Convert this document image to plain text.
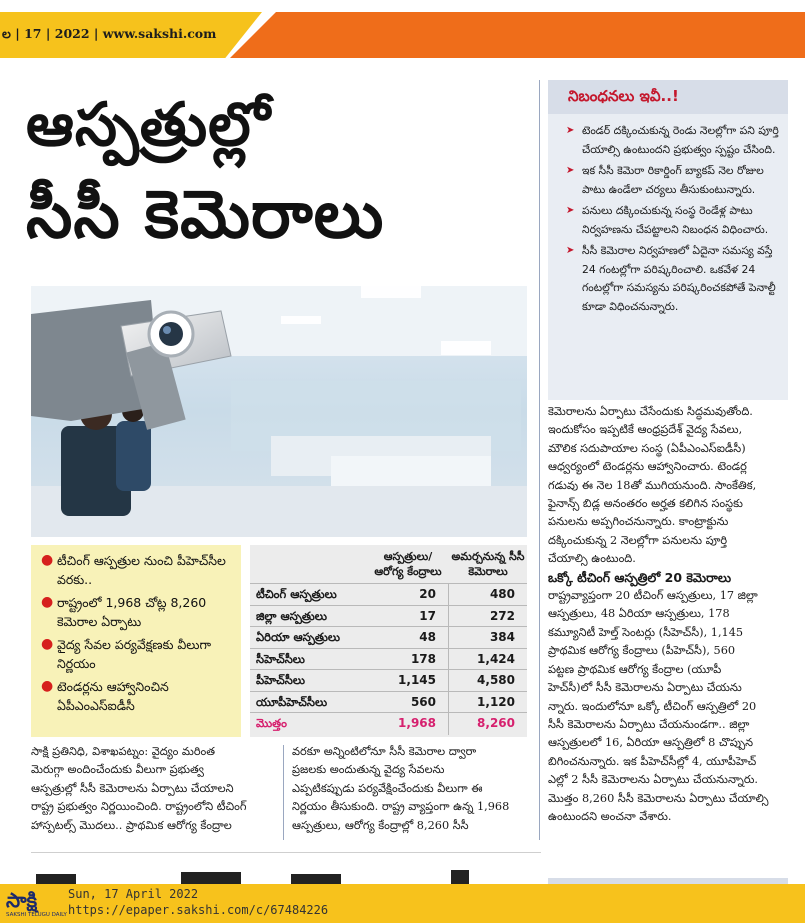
ల | 17 | 2022 | www.sakshi.com
ఆస్పత్రుల్లో
సీసీ కెమెరాలు
● టీచింగ్ ఆస్పత్రుల నుంచి పీహెచ్‌సీల వరకు..
● రాష్ట్రంలో 1,968 చోట్ల 8,260 కెమెరాల ఏర్పాటు
● వైద్య సేవల పర్యవేక్షణకు వీలుగా నిర్ణయం
● టెండర్లను ఆహ్వానించిన ఏపీఎంఎస్ఐడీసీ
ఆస్పత్రులు/ ఆరోగ్య కేంద్రాలు
అమర్చనున్న సీసీ కెమెరాలు
టీచింగ్ ఆస్పత్రులు	20	480
జిల్లా ఆస్పత్రులు	17	272
ఏరియా ఆస్పత్రులు	48	384
సీహెచ్‌సీలు	178	1,424
పీహెచ్‌సీలు	1,145	4,580
యూపీహెచ్‌సీలు	560	1,120
మొత్తం	1,968	8,260
సాక్షి ప్రతినిధి, విశాఖపట్నం: వైద్యం మరింత
మెరుగ్గా అందించేందుకు వీలుగా ప్రభుత్వ
ఆస్పత్రుల్లో సీసీ కెమెరాలను ఏర్పాటు చేయాలని
రాష్ట్ర ప్రభుత్వం నిర్ణయించింది. రాష్ట్రంలోని టీచింగ్
హాస్పటల్స్ మొదలు.. ప్రాథమిక ఆరోగ్య కేంద్రాల
వరకూ అన్నింటిలోనూ సీసీ కెమెరాల ద్వారా
ప్రజలకు అందుతున్న వైద్య సేవలను
ఎప్పటికప్పుడు పర్యవేక్షించేందుకు వీలుగా ఈ
నిర్ణయం తీసుకుంది. రాష్ట్ర వ్యాప్తంగా ఉన్న 1,968
ఆస్పత్రులు, ఆరోగ్య కేంద్రాల్లో 8,260 సీసీ
నిబంధనలు ఇవీ..!
➤ టెండర్ దక్కించుకున్న రెండు నెలల్లోగా పని పూర్తి చేయాల్సి ఉంటుందని ప్రభుత్వం స్పష్టం చేసింది.
➤ ఇక సీసీ కెమెరా రికార్డింగ్ బ్యాకప్ నెల రోజుల పాటు ఉండేలా చర్యలు తీసుకుంటున్నారు.
➤ పనులు దక్కించుకున్న సంస్థ రెండేళ్ల పాటు నిర్వహణను చేపట్టాలని నిబంధన విధించారు.
➤ సీసీ కెమెరాల నిర్వహణలో ఏదైనా సమస్య వస్తే 24 గంటల్లోగా పరిష్కరించాలి. ఒకవేళ 24 గంటల్లోగా సమస్యను పరిష్కరించకపోతే పెనాల్టీ కూడా విధించనున్నారు.
కెమెరాలను ఏర్పాటు చేసేందుకు సిద్ధమవుతోంది.
ఇందుకోసం ఇప్పటికే ఆంధ్రప్రదేశ్ వైద్య సేవలు,
మౌలిక సదుపాయాల సంస్థ (ఏపీఎంఎస్ఐడీసీ)
ఆధ్వర్యంలో టెండర్లను ఆహ్వానించారు. టెండర్ల
గడువు ఈ నెల 18తో ముగియనుంది. సాంకేతిక,
ఫైనాన్స్ బిడ్ల అనంతరం అర్హత కలిగిన సంస్థకు
పనులను అప్పగించనున్నారు. కాంట్రాక్టును
దక్కించుకున్న 2 నెలల్లోగా పనులను పూర్తి
చేయాల్సి ఉంటుంది.
ఒక్కో టీచింగ్ ఆస్పత్రిలో 20 కెమెరాలు
రాష్ట్రవ్యాప్తంగా 20 టీచింగ్ ఆస్పత్రులు, 17 జిల్లా
ఆస్పత్రులు, 48 ఏరియా ఆస్పత్రులు, 178
కమ్యూనిటీ హెల్త్ సెంటర్లు (సీహెచ్‌సీ), 1,145
ప్రాథమిక ఆరోగ్య కేంద్రాలు (పీహెచ్‌సీ), 560
పట్టణ ప్రాథమిక ఆరోగ్య కేంద్రాల (యూపీ
హెచ్‌సీ)లో సీసీ కెమెరాలను ఏర్పాటు చేయను
న్నారు. ఇందులోనూ ఒక్కో టీచింగ్ ఆస్పత్రిలో 20
సీసీ కెమెరాలను ఏర్పాటు చేయనుండగా.. జిల్లా
ఆస్పత్రులలో 16, ఏరియా ఆస్పత్రిలో 8 చొప్పున
బిగించనున్నారు. ఇక పీహెచ్‌సీల్లో 4, యూపీహెచ్
ఎల్లో 2 సీసీ కెమెరాలను ఏర్పాటు చేయనున్నారు.
మొత్తం 8,260 సీసీ కెమెరాలను ఏర్పాటు చేయాల్సి
ఉంటుందని అంచనా వేశారు.
సాక్షి
SAKSHI TELUGU DAILY
Sun, 17 April 2022
https://epaper.sakshi.com/c/67484226
